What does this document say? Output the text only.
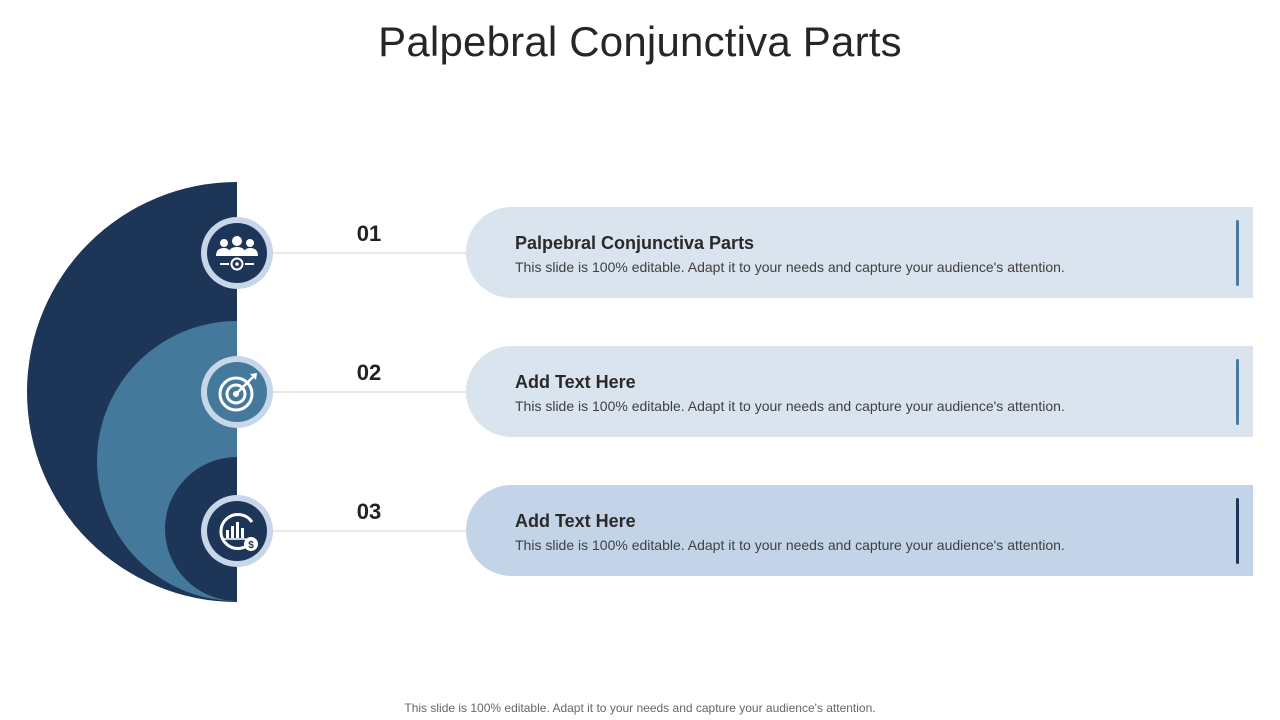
Palpebral Conjunctiva Parts
$
01
02
03
Palpebral Conjunctiva Parts
This slide is 100% editable. Adapt it to your needs and capture your audience's attention.
Add Text Here
This slide is 100% editable. Adapt it to your needs and capture your audience's attention.
Add Text Here
This slide is 100% editable. Adapt it to your needs and capture your audience's attention.
This slide is 100% editable. Adapt it to your needs and capture your audience's attention.
